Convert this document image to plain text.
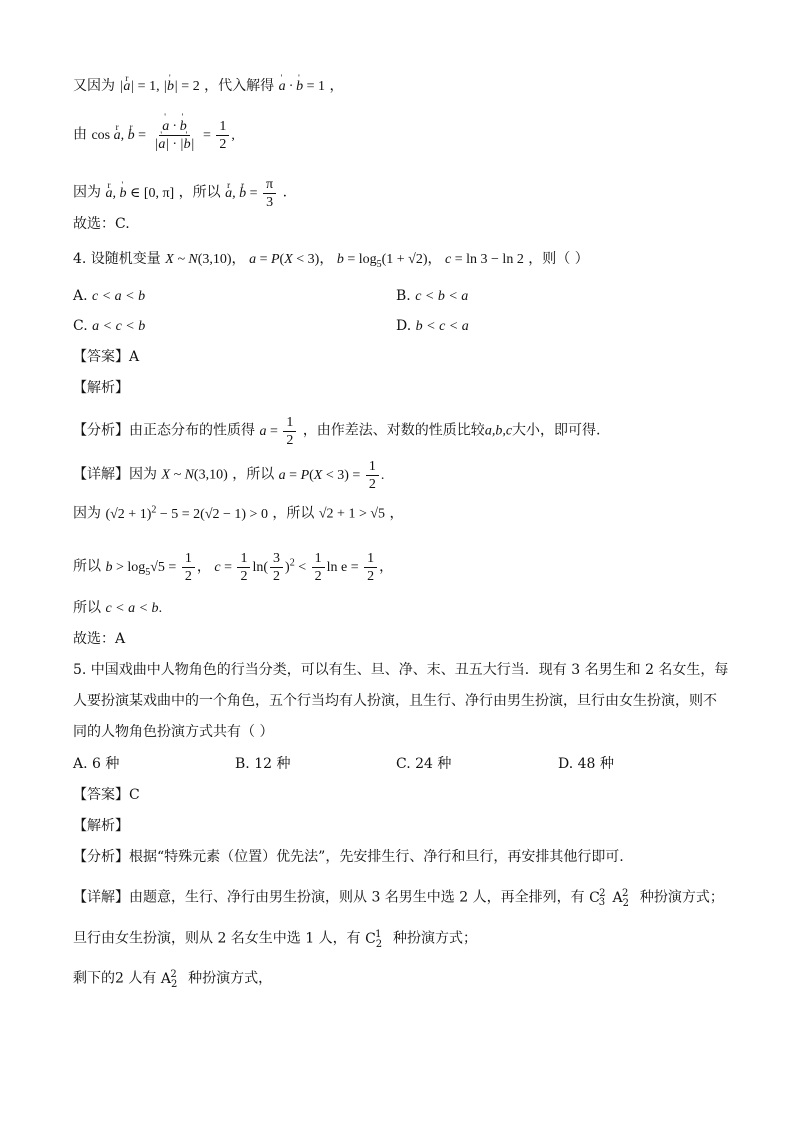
又因为 |r a| = 1, |' b| = 2 ，代入解得 ' a · ' b = 1 ，
由 cos r a, r b = ' $\frac{a \cdot ' b}{|' a| \cdot |' b|} = \frac{1}{2}$ ,
因为 r a, ' b ∈ [0, π] ，所以 r a, r $b = \frac{\pi}{3}$ .
故选：C.
4. 设随机变量 X ~ N(3,10)， a = P(X < 3)， $b = \log_5(1 + √2)$， c = ln 3 − ln 2 ，则（ ）
A. c < a < b	B. c < b < a
C. a < c < b	D. b < c < a
【答案】A
【解析】
【分析】由正态分布的性质得 $a = \frac{1}{2}$ ，由作差法、对数的性质比较a,b,c大小，即可得.
【详解】因为 X ~ N(3,10) ，所以 $a = P(X < 3) = \frac{1}{2}$ .
因为 $(√2 + 1)^2 - 5 = 2(√2 - 1) > 0$ ，所以 √2 + 1 > √5 ，
所以 $b > \log_5√5 = \frac{1}{2}$ ， $c = \frac{1}{2} \ln( \frac{3}{2} )^2 < \frac{1}{2}$ $\ln e = \frac{1}{2}$ ，
所以 c < a < b.
故选：A
5. 中国戏曲中人物角色的行当分类，可以有生、旦、净、末、丑五大行当．现有 3 名男生和 2 名女生，每
人要扮演某戏曲中的一个角色，五个行当均有人扮演，且生行、净行由男生扮演，旦行由女生扮演，则不
同的人物角色扮演方式共有（ ）
A. 6 种	B. 12 种	C. 24 种	D. 48 种
【答案】C
【解析】
【分析】根据“特殊元素（位置）优先法”，先安排生行、净行和旦行，再安排其他行即可.
【详解】由题意，生行、净行由男生扮演，则从 3 名男生中选 2 人，再全排列，有 $C_3^2$ $A_2^2$ 种扮演方式；
旦行由女生扮演，则从 2 名女生中选 1 人，有 $C_2^1$ 种扮演方式；
剩下的2 人有 $A_2^2$ 种扮演方式，
